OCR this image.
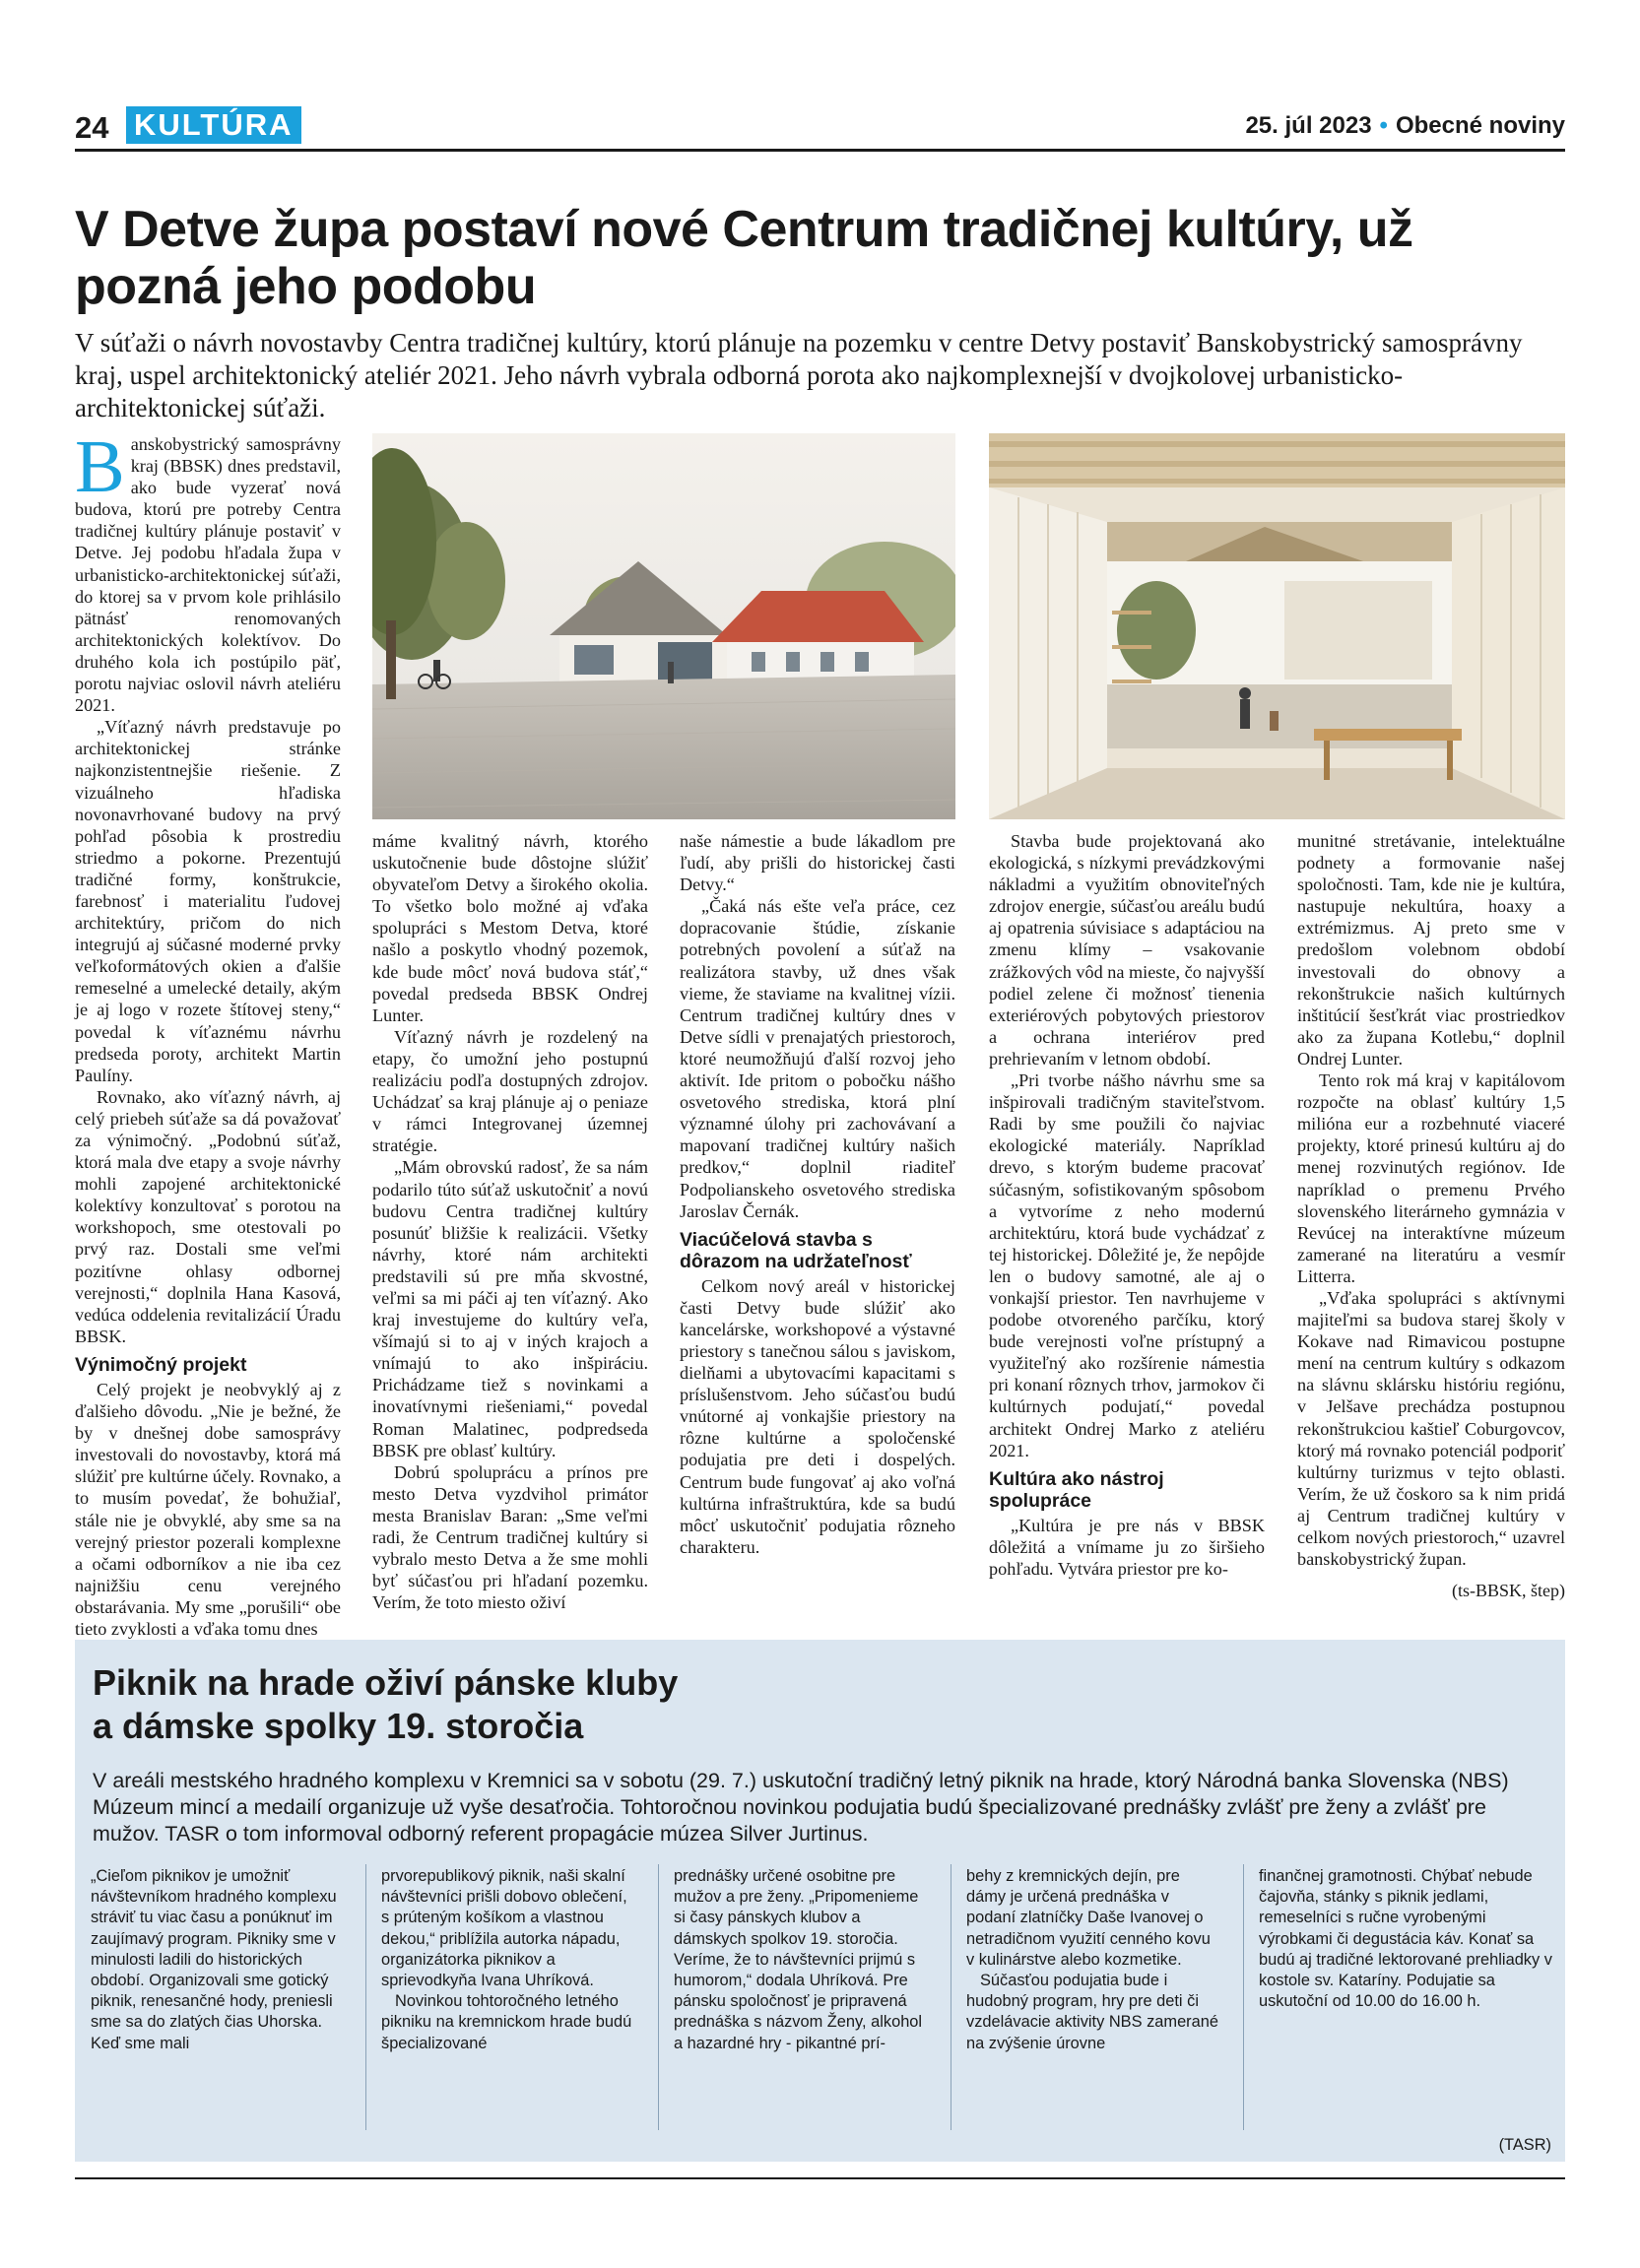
24 KULTÚRA	25. júl 2023 • Obecné noviny
V Detve župa postaví nové Centrum tradičnej kultúry, už pozná jeho podobu

V súťaži o návrh novostavby Centra tradičnej kultúry, ktorú plánuje na pozemku v centre Detvy postaviť Banskobystrický samosprávny kraj, uspel architektonický ateliér 2021. Jeho návrh vybrala odborná porota ako najkomplexnejší v dvojkolovej urbanisticko-architektonickej súťaži.

Banskobystrický samosprávny kraj (BBSK) dnes predstavil, ako bude vyzerať nová budova, ktorú pre potreby Centra tradičnej kultúry plánuje postaviť v Detve. Jej podobu hľadala župa v urbanisticko-architektonickej súťaži, do ktorej sa v prvom kole prihlásilo pätnásť renomovaných architektonických kolektívov. Do druhého kola ich postúpilo päť, porotu najviac oslovil návrh ateliéru 2021.

„Víťazný návrh predstavuje po architektonickej stránke najkonzistentnejšie riešenie. Z vizuálneho hľadiska novonavrhované budovy na prvý pohľad pôsobia k prostrediu striedmo a pokorne. Prezentujú tradičné formy, konštrukcie, farebnosť i materialitu ľudovej architektúry, pričom do nich integrujú aj súčasné moderné prvky veľkoformátových okien a ďalšie remeselné a umelecké detaily, akým je aj logo v rozete štítovej steny,“ povedal k víťaznému návrhu predseda poroty, architekt Martin Paulíny.

Rovnako, ako víťazný návrh, aj celý priebeh súťaže sa dá považovať za výnimočný. „Podobnú súťaž, ktorá mala dve etapy a svoje návrhy mohli zapojené architektonické kolektívy konzultovať s porotou na workshopoch, sme otestovali po prvý raz. Dostali sme veľmi pozitívne ohlasy odbornej verejnosti,“ doplnila Hana Kasová, vedúca oddelenia revitalizácií Úradu BBSK.

Výnimočný projekt

Celý projekt je neobvyklý aj z ďalšieho dôvodu. „Nie je bežné, že by v dnešnej dobe samosprávy investovali do novostavby, ktorá má slúžiť pre kultúrne účely. Rovnako, a to musím povedať, že bohužiaľ, stále nie je obvyklé, aby sme sa na verejný priestor pozerali komplexne a očami odborníkov a nie iba cez najnižšiu cenu verejného obstarávania. My sme „porušili“ obe tieto zvyklosti a vďaka tomu dnes

máme kvalitný návrh, ktorého uskutočnenie bude dôstojne slúžiť obyvateľom Detvy a širokého okolia. To všetko bolo možné aj vďaka spolupráci s Mestom Detva, ktoré našlo a poskytlo vhodný pozemok, kde bude môcť nová budova stáť,“ povedal predseda BBSK Ondrej Lunter.

Víťazný návrh je rozdelený na etapy, čo umožní jeho postupnú realizáciu podľa dostupných zdrojov. Uchádzať sa kraj plánuje aj o peniaze v rámci Integrovanej územnej stratégie.

„Mám obrovskú radosť, že sa nám podarilo túto súťaž uskutočniť a novú budovu Centra tradičnej kultúry posunúť bližšie k realizácii. Všetky návrhy, ktoré nám architekti predstavili sú pre mňa skvostné, veľmi sa mi páči aj ten víťazný. Ako kraj investujeme do kultúry veľa, všímajú si to aj v iných krajoch a vnímajú to ako inšpiráciu. Prichádzame tiež s novinkami a inovatívnymi riešeniami,“ povedal Roman Malatinec, podpredseda BBSK pre oblasť kultúry.

Dobrú spoluprácu a prínos pre mesto Detva vyzdvihol primátor mesta Branislav Baran: „Sme veľmi radi, že Centrum tradičnej kultúry si vybralo mesto Detva a že sme mohli byť súčasťou pri hľadaní pozemku. Verím, že toto miesto oživí

naše námestie a bude lákadlom pre ľudí, aby prišli do historickej časti Detvy.“

„Čaká nás ešte veľa práce, cez dopracovanie štúdie, získanie potrebných povolení a súťaž na realizátora stavby, už dnes však vieme, že staviame na kvalitnej vízii. Centrum tradičnej kultúry dnes v Detve sídli v prenajatých priestoroch, ktoré neumožňujú ďalší rozvoj jeho aktivít. Ide pritom o pobočku nášho osvetového strediska, ktorá plní významné úlohy pri zachovávaní a mapovaní tradičnej kultúry našich predkov,“ doplnil riaditeľ Podpolianskeho osvetového strediska Jaroslav Černák.

Viacúčelová stavba s dôrazom na udržateľnosť

Celkom nový areál v historickej časti Detvy bude slúžiť ako kancelárske, workshopové a výstavné priestory s tanečnou sálou s javiskom, dielňami a ubytovacími kapacitami s príslušenstvom. Jeho súčasťou budú vnútorné aj vonkajšie priestory na rôzne kultúrne a spoločenské podujatia pre deti i dospelých. Centrum bude fungovať aj ako voľná kultúrna infraštruktúra, kde sa budú môcť uskutočniť podujatia rôzneho charakteru.

Stavba bude projektovaná ako ekologická, s nízkymi prevádzkovými nákladmi a využitím obnoviteľných zdrojov energie, súčasťou areálu budú aj opatrenia súvisiace s adaptáciou na zmenu klímy – vsakovanie zrážkových vôd na mieste, čo najvyšší podiel zelene či možnosť tienenia exteriérových pobytových priestorov a ochrana interiérov pred prehrievaním v letnom období.

„Pri tvorbe nášho návrhu sme sa inšpirovali tradičným staviteľstvom. Radi by sme použili čo najviac ekologické materiály. Napríklad drevo, s ktorým budeme pracovať súčasným, sofistikovaným spôsobom a vytvoríme z neho modernú architektúru, ktorá bude vychádzať z tej historickej. Dôležité je, že nepôjde len o budovy samotné, ale aj o vonkajší priestor. Ten navrhujeme v podobe otvoreného parčíku, ktorý bude verejnosti voľne prístupný a využiteľný ako rozšírenie námestia pri konaní rôznych trhov, jarmokov či kultúrnych podujatí,“ povedal architekt Ondrej Marko z ateliéru 2021.

Kultúra ako nástroj spolupráce

„Kultúra je pre nás v BBSK dôležitá a vnímame ju zo širšieho pohľadu. Vytvára priestor pre ko-

munitné stretávanie, intelektuálne podnety a formovanie našej spoločnosti. Tam, kde nie je kultúra, nastupuje nekultúra, hoaxy a extrémizmus. Aj preto sme v predošlom volebnom období investovali do obnovy a rekonštrukcie našich kultúrnych inštitúcií šesťkrát viac prostriedkov ako za župana Kotlebu,“ doplnil Ondrej Lunter.

Tento rok má kraj v kapitálovom rozpočte na oblasť kultúry 1,5 milióna eur a rozbehnuté viaceré projekty, ktoré prinesú kultúru aj do menej rozvinutých regiónov. Ide napríklad o premenu Prvého slovenského literárneho gymnázia v Revúcej na interaktívne múzeum zamerané na literatúru a vesmír Litterra.

„Vďaka spolupráci s aktívnymi majiteľmi sa budova starej školy v Kokave nad Rimavicou postupne mení na centrum kultúry s odkazom na slávnu sklársku históriu regiónu, v Jelšave prechádza postupnou rekonštrukciou kaštieľ Coburgovcov, ktorý má rovnako potenciál podporiť kultúrny turizmus v tejto oblasti. Verím, že už čoskoro sa k nim pridá aj Centrum tradičnej kultúry v celkom nových priestoroch,“ uzavrel banskobystrický župan.

(ts-BBSK, štep)
Piknik na hrade oživí pánske kluby
a dámske spolky 19. storočia

V areáli mestského hradného komplexu v Kremnici sa v sobotu (29. 7.) uskutoční tradičný letný piknik na hrade, ktorý Národná banka Slovenska (NBS) Múzeum mincí a medailí organizuje už vyše desaťročia. Tohtoročnou novinkou podujatia budú špecializované prednášky zvlášť pre ženy a zvlášť pre mužov. TASR o tom informoval odborný referent propagácie múzea Silver Jurtinus.

„Cieľom piknikov je umožniť návštevníkom hradného komplexu stráviť tu viac času a ponúknuť im zaujímavý program. Pikniky sme v minulosti ladili do historických období. Organizovali sme gotický piknik, renesančné hody, preniesli sme sa do zlatých čias Uhorska. Keď sme mali

prvorepublikový piknik, naši skalní návštevníci prišli dobovo oblečení, s prúteným košíkom a vlastnou dekou,“ priblížila autorka nápadu, organizátorka piknikov a sprievodkyňa Ivana Uhríková.

Novinkou tohtoročného letného pikniku na kremnickom hrade budú špecializované

prednášky určené osobitne pre mužov a pre ženy. „Pripomenieme si časy pánskych klubov a dámskych spolkov 19. storočia. Veríme, že to návštevníci prijmú s humorom,“ dodala Uhríková. Pre pánsku spoločnosť je pripravená prednáška s názvom Ženy, alkohol a hazardné hry - pikantné prí-

behy z kremnických dejín, pre dámy je určená prednáška v podaní zlatníčky Daše Ivanovej o netradičnom využití cenného kovu v kulinárstve alebo kozmetike.

Súčasťou podujatia bude i hudobný program, hry pre deti či vzdelávacie aktivity NBS zamerané na zvýšenie úrovne

finančnej gramotnosti. Chýbať nebude čajovňa, stánky s piknik jedlami, remeselníci s ručne vyrobenými výrobkami či degustácia káv. Konať sa budú aj tradičné lektorované prehliadky v kostole sv. Kataríny. Podujatie sa uskutoční od 10.00 do 16.00 h.

(TASR)
